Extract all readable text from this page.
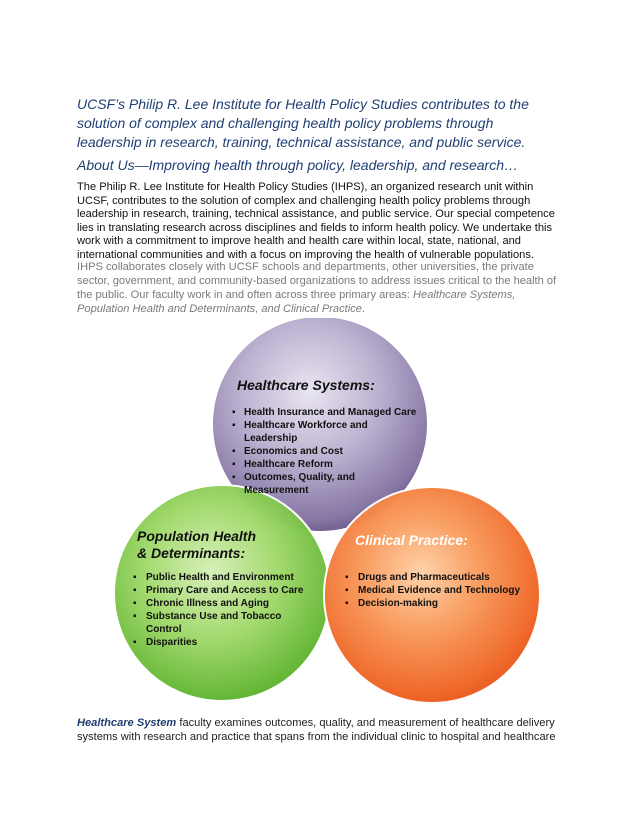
UCSF’s Philip R. Lee Institute for Health Policy Studies contributes to the solution of complex and challenging health policy problems through leadership in research, training, technical assistance, and public service.

About Us—Improving health through policy, leadership, and research…

The Philip R. Lee Institute for Health Policy Studies (IHPS), an organized research unit within UCSF, contributes to the solution of complex and challenging health policy problems through leadership in research, training, technical assistance, and public service. Our special competence lies in translating research across disciplines and fields to inform health policy. We undertake this work with a commitment to improve health and health care within local, state, national, and international communities and with a focus on improving the health of vulnerable populations.

IHPS collaborates closely with UCSF schools and departments, other universities, the private sector, government, and community-based organizations to address issues critical to the health of the public. Our faculty work in and often across three primary areas: Healthcare Systems, Population Health and Determinants, and Clinical Practice.

Healthcare Systems:
▪ Health Insurance and Managed Care
▪ Healthcare Workforce and
Leadership
▪ Economics and Cost
▪ Healthcare Reform
▪ Outcomes, Quality, and
Measurement
Population Health
& Determinants:
▪ Public Health and Environment
▪ Primary Care and Access to Care
▪ Chronic Illness and Aging
▪ Substance Use and Tobacco
Control
▪ Disparities
Clinical Practice:
▪ Drugs and Pharmaceuticals
▪ Medical Evidence and Technology
▪ Decision-making

Healthcare System faculty examines outcomes, quality, and measurement of healthcare delivery systems with research and practice that spans from the individual clinic to hospital and healthcare
